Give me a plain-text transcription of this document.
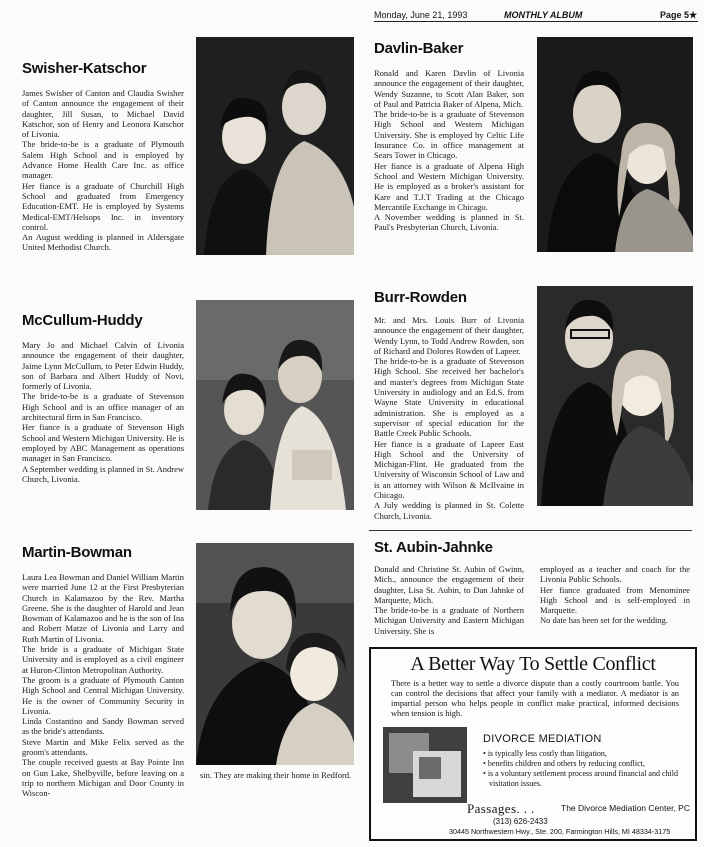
Monday, June 21, 1993	MONTHLY ALBUM	Page 5★
Swisher-Katschor

James Swisher of Canton and Claudia Swisher of Canton announce the engagement of their daughter, Jill Susan, to Michael David Katschor, son of Henry and Leonora Katschor of Livonia.
The bride-to-be is a graduate of Plymouth Salem High School and is employed by Advance Home Health Care Inc. as office manager.
Her fiance is a graduate of Churchill High School and graduated from Emergency Education-EMT. He is employed by Systems Medical-EMT/Helsops Inc. in inventory control.
An August wedding is planned in Aldersgate United Methodist Church.

Davlin-Baker

Ronald and Karen Davlin of Livonia announce the engagement of their daughter, Wendy Suzanne, to Scott Alan Baker, son of Paul and Patricia Baker of Alpena, Mich.
The bride-to-be is a graduate of Stevenson High School and Western Michigan University. She is employed by Celtic Life Insurance Co. in office management at Sears Tower in Chicago.
Her fiance is a graduate of Alpena High School and Western Michigan University. He is employed as a broker's assistant for Kare and T.J.T Trading at the Chicago Mercantile Exchange in Chicago.
A November wedding is planned in St. Paul's Presbyterian Church, Livonia.

McCullum-Huddy

Mary Jo and Michael Calvin of Livonia announce the engagement of their daughter, Jaime Lynn McCullum, to Peter Edwin Huddy, son of Barbara and Albert Huddy of Novi, formerly of Livonia.
The bride-to-be is a graduate of Stevenson High School and is an office manager of an architectural firm in San Francisco.
Her fiance is a graduate of Stevenson High School and Western Michigan University. He is employed by ABC Management as operations manager in San Francisco.
A September wedding is planned in St. Andrew Church, Livonia.

Burr-Rowden

Mr. and Mrs. Louis Burr of Livonia announce the engagement of their daughter, Wendy Lynn, to Todd Andrew Rowden, son of Richard and Dolores Rowden of Lapeer.
The bride-to-be is a graduate of Stevenson High School. She received her bachelor's and master's degrees from Michigan State University in audiology and an Ed.S. from Wayne State University in educational administration. She is employed as a supervisor of special education for the Battle Creek Public Schools.
Her fiance is a graduate of Lapeer East High School and the University of Michigan-Flint. He graduated from the University of Wisconsin School of Law and is an attorney with Wilson & McIlvaine in Chicago.
A July wedding is planned in St. Colette Church, Livonia.

Martin-Bowman

Laura Lea Bowman and Daniel William Martin were married June 12 at the First Presbyterian Church in Kalamazoo by the Rev. Martha Greene. She is the daughter of Harold and Jean Bowman of Kalamazoo and he is the son of Ina and Robert Matze of Livonia and Larry and Ruth Martin of Livonia.
The bride is a graduate of Michigan State University and is employed as a civil engineer at Huron-Clinton Metropolitan Authority.
The groom is a graduate of Plymouth Canton High School and Central Michigan University. He is the owner of Community Security in Livonia.
Linda Costantino and Sandy Bowman served as the bride's attendants.
Steve Martin and Mike Felix served as the groom's attendants.
The couple received guests at Bay Pointe Inn on Gun Lake, Shelbyville, before leaving on a trip to northern Michigan and Door County in Wiscon-

sin. They are making their home in Redford.

St. Aubin-Jahnke

Donald and Christine St. Aubin of Gwinn, Mich., announce the engagement of their daughter, Lisa St. Aubin, to Dan Jahnke of Marquette, Mich.
The bride-to-be is a graduate of Northern Michigan University and Eastern Michigan University. She is

employed as a teacher and coach for the Livonia Public Schools.
Her fiance graduated from Menominee High School and is self-employed in Marquette.
No date has been set for the wedding.

A Better Way To Settle Conflict
There is a better way to settle a divorce dispute than a costly courtroom battle. You can control the decisions that affect your family with a mediator. A mediator is an impartial person who helps people in conflict make practical, informed decisions when tension is high.
DIVORCE MEDIATION
• is typically less costly than litigation,
• benefits children and others by reducing conflict,
• is a voluntary settlement process around financial and child visitation issues.
Passages. . .	The Divorce Mediation Center, PC
(313) 626-2433
30445 Northwestern Hwy., Ste. 200, Farmington Hills, MI 48334-3175
